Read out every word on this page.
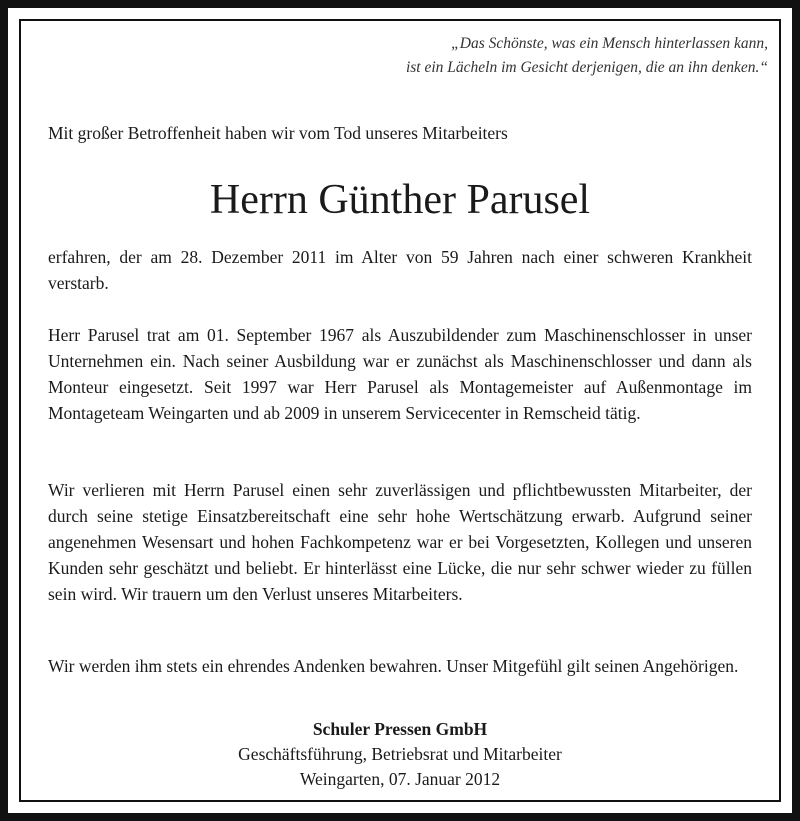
„Das Schönste, was ein Mensch hinterlassen kann,
ist ein Lächeln im Gesicht derjenigen, die an ihn denken.“
Mit großer Betroffenheit haben wir vom Tod unseres Mitarbeiters
Herrn Günther Parusel
erfahren, der am 28. Dezember 2011 im Alter von 59 Jahren nach einer schweren Krankheit verstarb.
Herr Parusel trat am 01. September 1967 als Auszubildender zum Maschinenschlosser in unser Unternehmen ein. Nach seiner Ausbildung war er zunächst als Maschinenschlosser und dann als Monteur eingesetzt. Seit 1997 war Herr Parusel als Montagemeister auf Außenmontage im Montageteam Weingarten und ab 2009 in unserem Servicecenter in Remscheid tätig.
Wir verlieren mit Herrn Parusel einen sehr zuverlässigen und pflichtbewussten Mitarbeiter, der durch seine stetige Einsatzbereitschaft eine sehr hohe Wertschätzung erwarb. Aufgrund seiner angenehmen Wesensart und hohen Fachkompetenz war er bei Vorgesetzten, Kollegen und unseren Kunden sehr geschätzt und beliebt. Er hinterlässt eine Lücke, die nur sehr schwer wieder zu füllen sein wird. Wir trauern um den Verlust unseres Mitarbeiters.
Wir werden ihm stets ein ehrendes Andenken bewahren. Unser Mitgefühl gilt seinen Angehörigen.
Schuler Pressen GmbH
Geschäftsführung, Betriebsrat und Mitarbeiter
Weingarten, 07. Januar 2012
